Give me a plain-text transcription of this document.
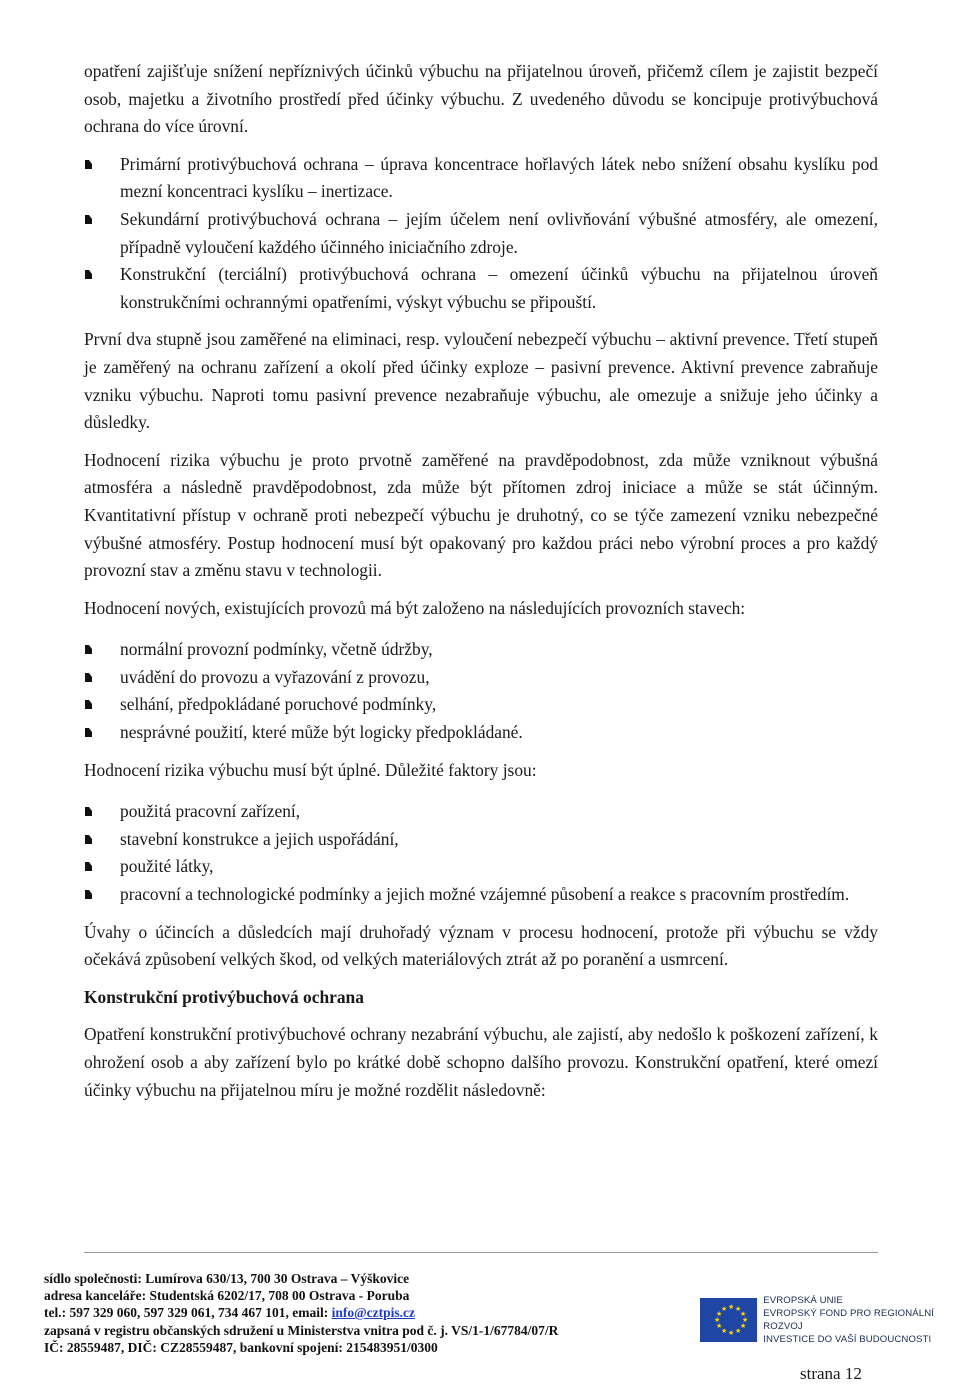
opatření zajišťuje snížení nepříznivých účinků výbuchu na přijatelnou úroveň, přičemž cílem je zajistit bezpečí osob, majetku a životního prostředí před účinky výbuchu. Z uvedeného důvodu se koncipuje protivýbuchová ochrana do více úrovní.

Primární protivýbuchová ochrana – úprava koncentrace hořlavých látek nebo snížení obsahu kyslíku pod mezní koncentraci kyslíku – inertizace.
Sekundární protivýbuchová ochrana – jejím účelem není ovlivňování výbušné atmosféry, ale omezení, případně vyloučení každého účinného iniciačního zdroje.
Konstrukční (terciální) protivýbuchová ochrana – omezení účinků výbuchu na přijatelnou úroveň konstrukčními ochrannými opatřeními, výskyt výbuchu se připouští.

První dva stupně jsou zaměřené na eliminaci, resp. vyloučení nebezpečí výbuchu – aktivní prevence. Třetí stupeň je zaměřený na ochranu zařízení a okolí před účinky exploze – pasivní prevence. Aktivní prevence zabraňuje vzniku výbuchu. Naproti tomu pasivní prevence nezabraňuje výbuchu, ale omezuje a snižuje jeho účinky a důsledky.

Hodnocení rizika výbuchu je proto prvotně zaměřené na pravděpodobnost, zda může vzniknout výbušná atmosféra a následně pravděpodobnost, zda může být přítomen zdroj iniciace a může se stát účinným. Kvantitativní přístup v ochraně proti nebezpečí výbuchu je druhotný, co se týče zamezení vzniku nebezpečné výbušné atmosféry. Postup hodnocení musí být opakovaný pro každou práci nebo výrobní proces a pro každý provozní stav a změnu stavu v technologii.

Hodnocení nových, existujících provozů má být založeno na následujících provozních stavech:

normální provozní podmínky, včetně údržby,
uvádění do provozu a vyřazování z provozu,
selhání, předpokládané poruchové podmínky,
nesprávné použití, které může být logicky předpokládané.

Hodnocení rizika výbuchu musí být úplné. Důležité faktory jsou:

použitá pracovní zařízení,
stavební konstrukce a jejich uspořádání,
použité látky,
pracovní a technologické podmínky a jejich možné vzájemné působení a reakce s pracovním prostředím.

Úvahy o účincích a důsledcích mají druhořadý význam v procesu hodnocení, protože při výbuchu se vždy očekává způsobení velkých škod, od velkých materiálových ztrát až po poranění a usmrcení.

Konstrukční protivýbuchová ochrana

Opatření konstrukční protivýbuchové ochrany nezabrání výbuchu, ale zajistí, aby nedošlo k poškození zařízení, k ohrožení osob a aby zařízení bylo po krátké době schopno dalšího provozu. Konstrukční opatření, které omezí účinky výbuchu na přijatelnou míru je možné rozdělit následovně:

sídlo společnosti: Lumírova 630/13, 700 30 Ostrava – Výškovice
adresa kanceláře: Studentská 6202/17, 708 00 Ostrava - Poruba
tel.: 597 329 060, 597 329 061, 734 467 101, email: info@cztpis.cz
zapsaná v registru občanských sdružení u Ministerstva vnitra pod č. j. VS/1-1/67784/07/R
IČ: 28559487, DIČ: CZ28559487, bankovní spojení: 215483951/0300
★ ★
★
★
★
★
★
★
★
★
★
★
EVROPSKÁ UNIE
EVROPSKÝ FOND PRO REGIONÁLNÍ ROZVOJ
INVESTICE DO VAŠÍ BUDOUCNOSTI
strana 12
